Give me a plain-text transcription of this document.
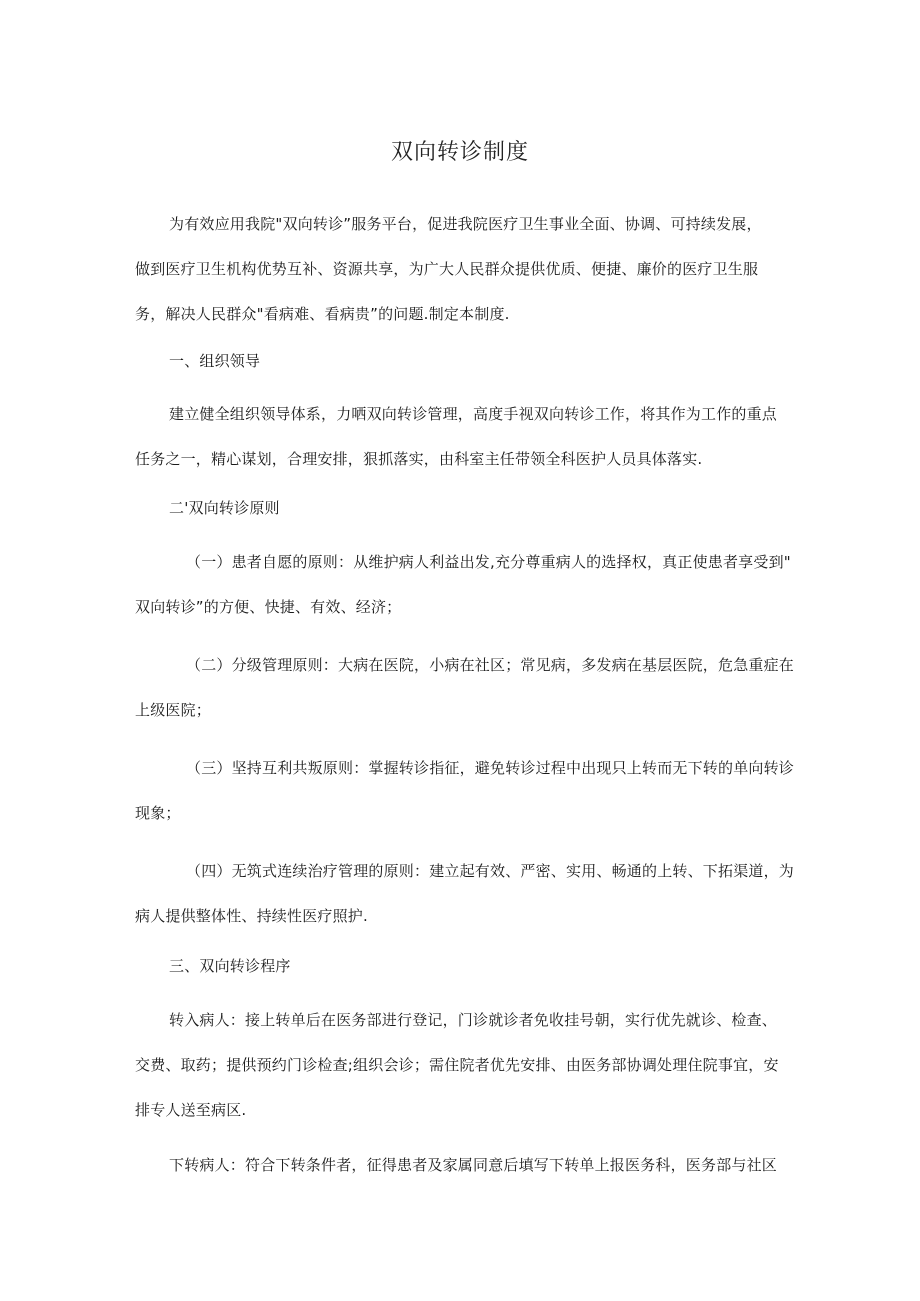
双向转诊制度
为有效应用我院"双向转诊”服务平台，促进我院医疗卫生事业全面、协调、可持续发展，
做到医疗卫生机构优势互补、资源共享，为广大人民群众提供优质、便捷、廉价的医疗卫生服
务，解决人民群众"看病难、看病贵”的问题.制定本制度.
一、组织领导
建立健全组织领导体系，力哂双向转诊管理，高度手视双向转诊工作，将其作为工作的重点
任务之一，精心谋划，合理安排，狠抓落实，由科室主任带领全科医护人员具体落实.
二'双向转诊原则
（一）患者自愿的原则：从维护病人利益出发,充分尊重病人的选择权，真正使患者享受到"
双向转诊”的方便、快捷、有效、经济；
（二）分级管理原则：大病在医院，小病在社区；常见病，多发病在基层医院，危急重症在
上级医院；
（三）坚持互利共叛原则：掌握转诊指征，避免转诊过程中出现只上转而无下转的单向转诊
现象；
（四）无筑式连续治疗管理的原则：建立起有效、严密、实用、畅通的上转、下拓渠道，为
病人提供整体性、持续性医疗照护.
三、双向转诊程序
转入病人：接上转单后在医务部进行登记，门诊就诊者免收挂号朝，实行优先就诊、检查、
交费、取药；提供预约门诊检查;组织会诊；需住院者优先安排、由医务部协调处理住院事宜，安
排专人送至病区.
下转病人：符合下转条件者，征得患者及家属同意后填写下转单上报医务科，医务部与社区
